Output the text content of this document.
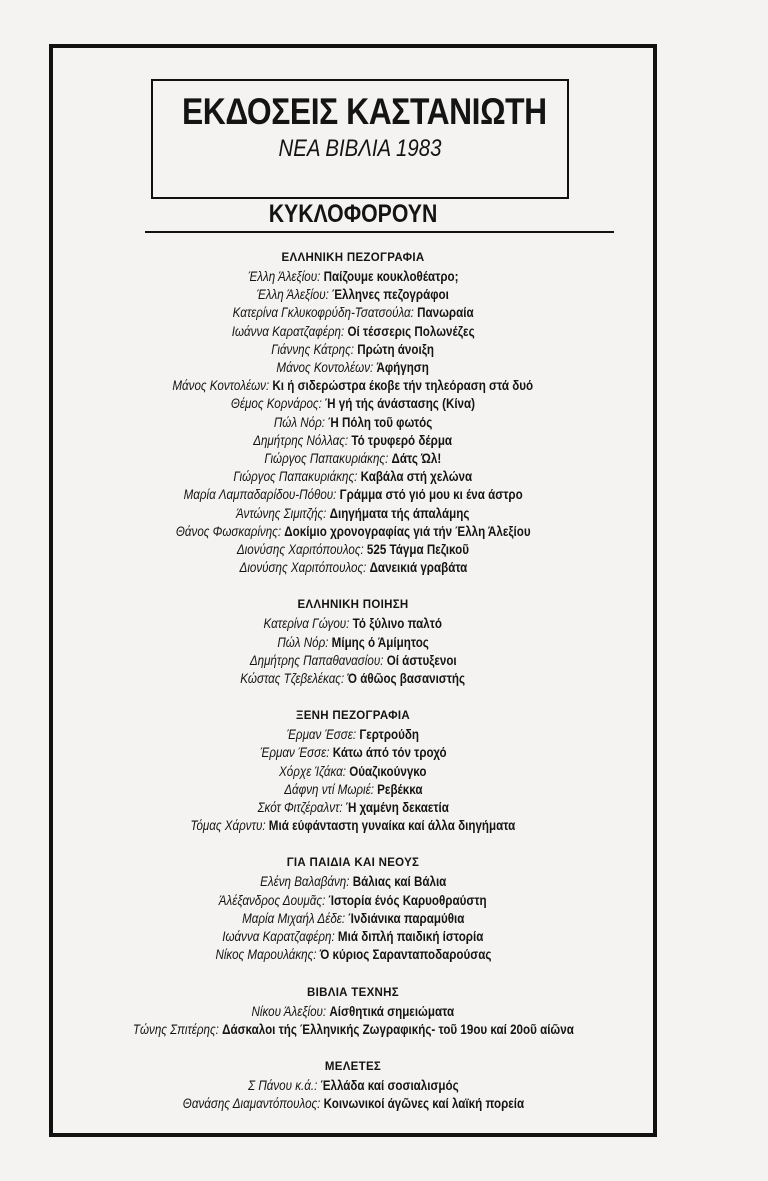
ΕΚΔΟΣΕΙΣ ΚΑΣΤΑΝΙΩΤΗ
ΝΕΑ ΒΙΒΛΙΑ 1983
ΚΥΚΛΟΦΟΡΟΥΝ
ΕΛΛΗΝΙΚΗ ΠΕΖΟΓΡΑΦΙΑ
Έλλη Άλεξίου: Παίζουμε κουκλοθέατρο;
Έλλη Άλεξίου: Έλληνες πεζογράφοι
Κατερίνα Γκλυκοφρύδη-Τσατσούλα: Πανωραία
Ιωάννα Καρατζαφέρη: Οί τέσσερις Πολωνέζες
Γιάννης Κάτρης: Πρώτη άνοιξη
Μάνος Κοντολέων: Άφήγηση
Μάνος Κοντολέων: Κι ή σιδερώστρα έκοβε τήν τηλεόραση στά δυό
Θέμος Κορνάρος: Ή γή τής άνάστασης (Κίνα)
Πώλ Νόρ: Ή Πόλη τοῦ φωτός
Δημήτρης Νόλλας: Τό τρυφερό δέρμα
Γιώργος Παπακυριάκης: Δάτς Ώλ!
Γιώργος Παπακυριάκης: Καβάλα στή χελώνα
Μαρία Λαμπαδαρίδου-Πόθου: Γράμμα στό γιό μου κι ένα άστρο
Άντώνης Σιμιτζής: Διηγήματα τής άπαλάμης
Θάνος Φωσκαρίνης: Δοκίμιο χρονογραφίας γιά τήν Έλλη Άλεξίου
Διονύσης Χαριτόπουλος: 525 Τάγμα Πεζικοῦ
Διονύσης Χαριτόπουλος: Δανεικιά γραβάτα
ΕΛΛΗΝΙΚΗ ΠΟΙΗΣΗ
Κατερίνα Γώγου: Τό ξύλινο παλτό
Πώλ Νόρ: Μίμης ό Άμίμητος
Δημήτρης Παπαθανασίου: Οί άστυξενοι
Κώστας Τζεβελέκας: Ό άθῶος βασανιστής
ΞΕΝΗ ΠΕΖΟΓΡΑΦΙΑ
Έρμαν Έσσε: Γερτρούδη
Έρμαν Έσσε: Κάτω άπό τόν τροχό
Χόρχε Ίζάκα: Ούαζικούνγκο
Δάφνη ντί Μωριέ: Ρεβέκκα
Σκότ Φιτζέραλντ: Ή χαμένη δεκαετία
Τόμας Χάρντυ: Μιά εύφάνταστη γυναίκα καί άλλα διηγήματα
ΓΙΑ ΠΑΙΔΙΑ ΚΑΙ ΝΕΟΥΣ
Ελένη Βαλαβάνη: Βάλιας καί Βάλια
Άλέξανδρος Δουμᾶς: Ίστορία ένός Καρυοθραύστη
Μαρία Μιχαήλ Δέδε: Ίνδιάνικα παραμύθια
Ιωάννα Καρατζαφέρη: Μιά διπλή παιδική ίστορία
Νίκος Μαρουλάκης: Ό κύριος Σαρανταποδαρούσας
ΒΙΒΛΙΑ ΤΕΧΝΗΣ
Νίκου Άλεξίου: Αίσθητικά σημειώματα
Τώνης Σπιτέρης: Δάσκαλοι τής Έλληνικής Ζωγραφικής- τοῦ 19ου καί 20οῦ αίῶνα
ΜΕΛΕΤΕΣ
Σ Πάνου κ.ά.: Έλλάδα καί σοσιαλισμός
Θανάσης Διαμαντόπουλος: Κοινωνικοί άγῶνες καί λαϊκή πορεία
